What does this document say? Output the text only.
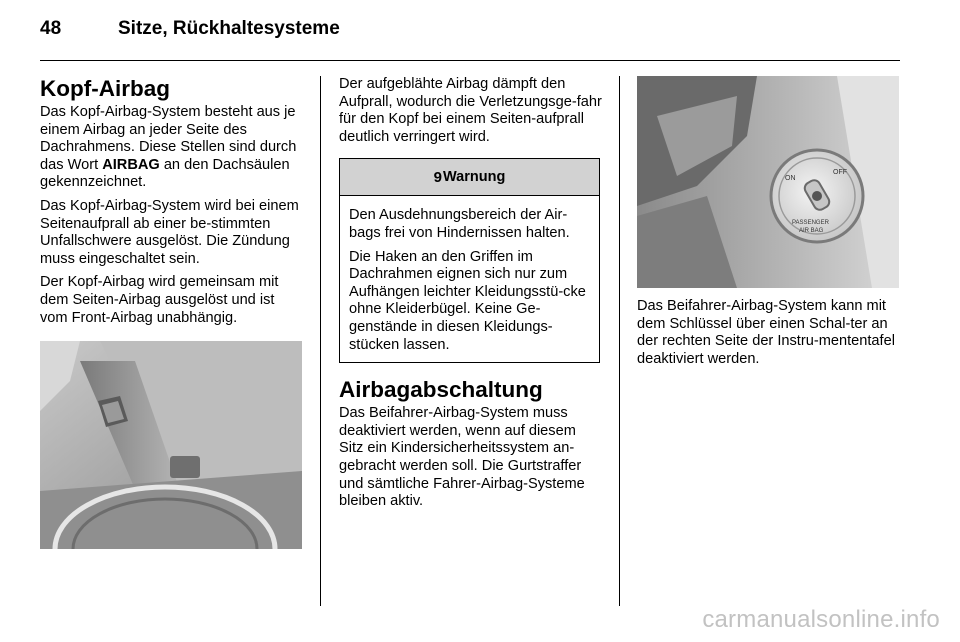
48	Sitze, Rückhaltesysteme
Kopf-Airbag

Das Kopf-Airbag-System besteht aus je einem Airbag an jeder Seite des Dachrahmens. Diese Stellen sind durch das Wort AIRBAG an den Dachsäulen gekennzeichnet.

Das Kopf-Airbag-System wird bei einem Seitenaufprall ab einer be-stimmten Unfallschwere ausgelöst. Die Zündung muss eingeschaltet sein.

Der Kopf-Airbag wird gemeinsam mit dem Seiten-Airbag ausgelöst und ist vom Front-Airbag unabhängig.

Der aufgeblähte Airbag dämpft den Aufprall, wodurch die Verletzungsge-fahr für den Kopf bei einem Seiten-aufprall deutlich verringert wird.

9 Warnung

Den Ausdehnungsbereich der Air-bags frei von Hindernissen halten.

Die Haken an den Griffen im Dachrahmen eignen sich nur zum Aufhängen leichter Kleidungsstü-cke ohne Kleiderbügel. Keine Ge-genstände in diesen Kleidungs-stücken lassen.

Airbagabschaltung

Das Beifahrer-Airbag-System muss deaktiviert werden, wenn auf diesem Sitz ein Kindersicherheitssystem an-gebracht werden soll. Die Gurtstraffer und sämtliche Fahrer-Airbag-Systeme bleiben aktiv.

ON
OFF
PASSENGER
AIR BAG

Das Beifahrer-Airbag-System kann mit dem Schlüssel über einen Schal-ter an der rechten Seite der Instru-mententafel deaktiviert werden.

carmanualsonline.info
